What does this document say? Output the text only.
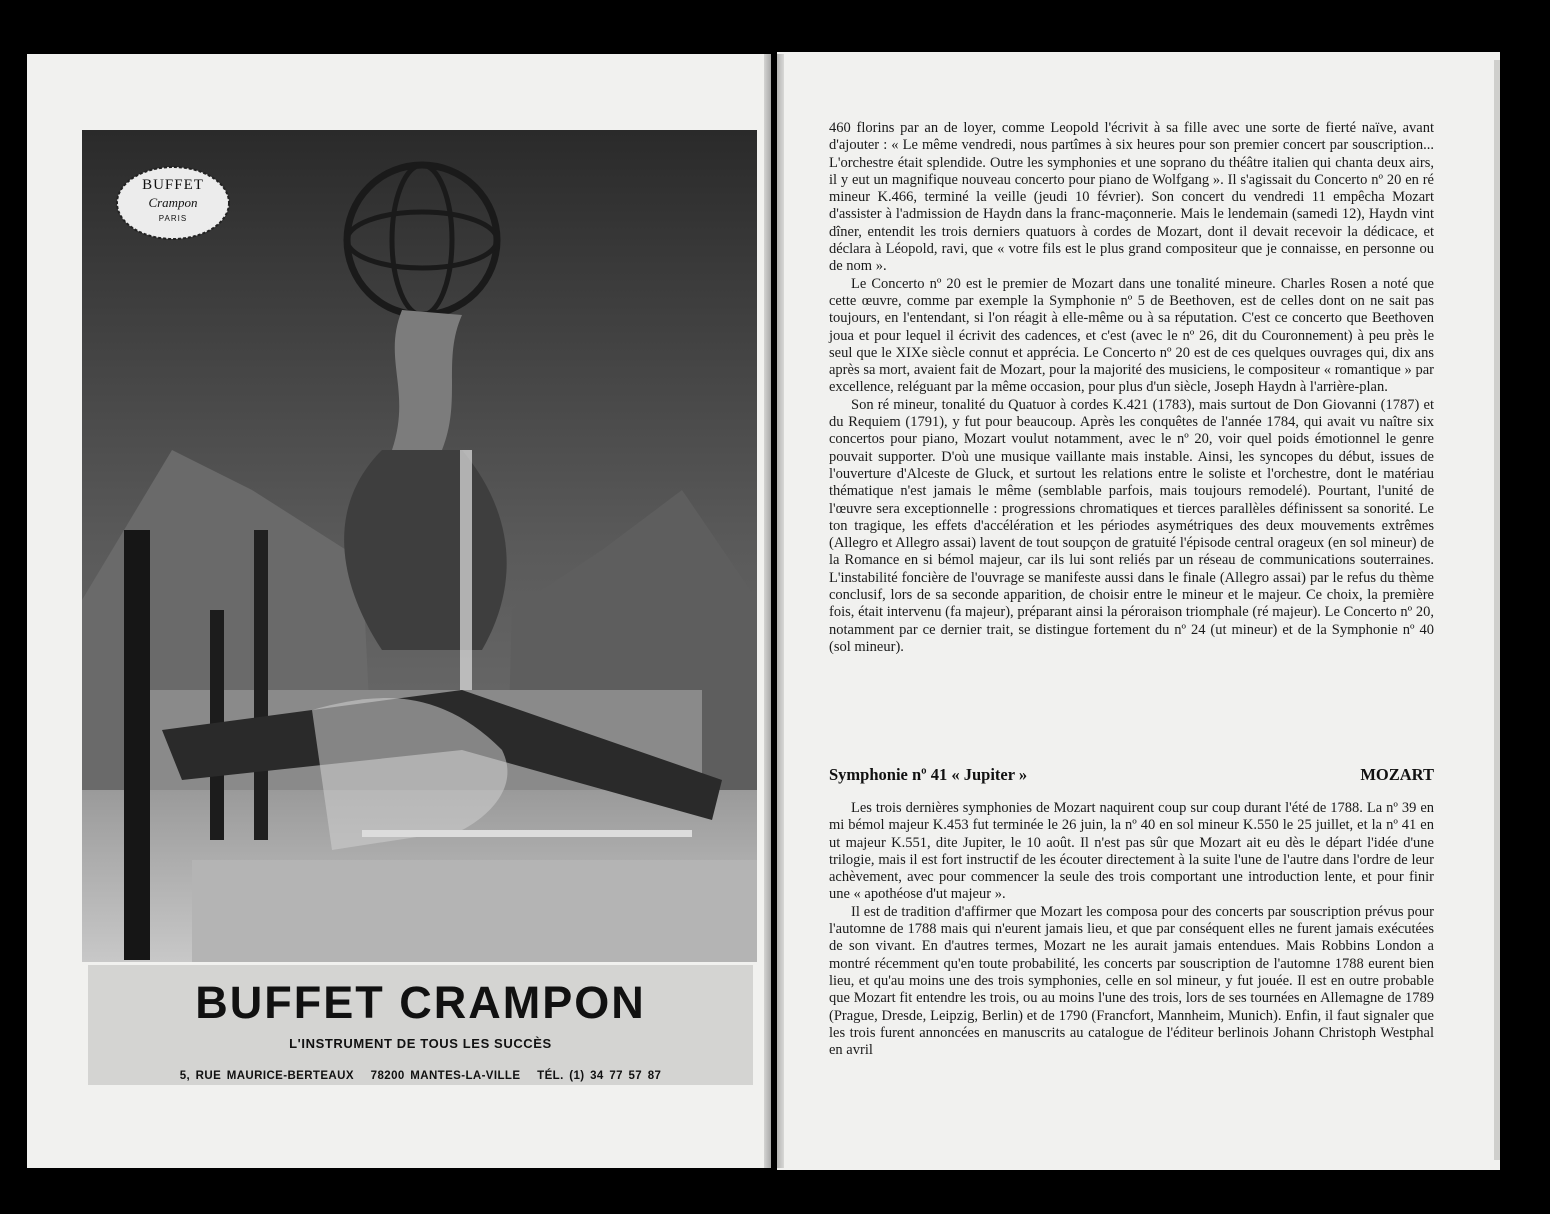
BUFFET
Crampon
PARIS
BUFFET CRAMPON
L'INSTRUMENT DE TOUS LES SUCCÈS
5, RUE MAURICE-BERTEAUX   78200 MANTES-LA-VILLE   TÉL. (1) 34 77 57 87

460 florins par an de loyer, comme Leopold l'écrivit à sa fille avec une sorte de fierté naïve, avant d'ajouter : « Le même vendredi, nous partîmes à six heures pour son premier concert par souscription... L'orchestre était splendide. Outre les symphonies et une soprano du théâtre italien qui chanta deux airs, il y eut un magnifique nouveau concerto pour piano de Wolfgang ». Il s'agissait du Concerto nº 20 en ré mineur K.466, terminé la veille (jeudi 10 février). Son concert du vendredi 11 empêcha Mozart d'assister à l'admission de Haydn dans la franc-maçonnerie. Mais le lendemain (samedi 12), Haydn vint dîner, entendit les trois derniers quatuors à cordes de Mozart, dont il devait recevoir la dédicace, et déclara à Léopold, ravi, que « votre fils est le plus grand compositeur que je connaisse, en personne ou de nom ».

Le Concerto nº 20 est le premier de Mozart dans une tonalité mineure. Charles Rosen a noté que cette œuvre, comme par exemple la Symphonie nº 5 de Beethoven, est de celles dont on ne sait pas toujours, en l'entendant, si l'on réagit à elle-même ou à sa réputation. C'est ce concerto que Beethoven joua et pour lequel il écrivit des cadences, et c'est (avec le nº 26, dit du Couronnement) à peu près le seul que le XIXe siècle connut et apprécia. Le Concerto nº 20 est de ces quelques ouvrages qui, dix ans après sa mort, avaient fait de Mozart, pour la majorité des musiciens, le compositeur « romantique » par excellence, reléguant par la même occasion, pour plus d'un siècle, Joseph Haydn à l'arrière-plan.

Son ré mineur, tonalité du Quatuor à cordes K.421 (1783), mais surtout de Don Giovanni (1787) et du Requiem (1791), y fut pour beaucoup. Après les conquêtes de l'année 1784, qui avait vu naître six concertos pour piano, Mozart voulut notamment, avec le nº 20, voir quel poids émotionnel le genre pouvait supporter. D'où une musique vaillante mais instable. Ainsi, les syncopes du début, issues de l'ouverture d'Alceste de Gluck, et surtout les relations entre le soliste et l'orchestre, dont le matériau thématique n'est jamais le même (semblable parfois, mais toujours remodelé). Pourtant, l'unité de l'œuvre sera exceptionnelle : progressions chromatiques et tierces parallèles définissent sa sonorité. Le ton tragique, les effets d'accélération et les périodes asymétriques des deux mouvements extrêmes (Allegro et Allegro assai) lavent de tout soupçon de gratuité l'épisode central orageux (en sol mineur) de la Romance en si bémol majeur, car ils lui sont reliés par un réseau de communications souterraines. L'instabilité foncière de l'ouvrage se manifeste aussi dans le finale (Allegro assai) par le refus du thème conclusif, lors de sa seconde apparition, de choisir entre le mineur et le majeur. Ce choix, la première fois, était intervenu (fa majeur), préparant ainsi la péroraison triomphale (ré majeur). Le Concerto nº 20, notamment par ce dernier trait, se distingue fortement du nº 24 (ut mineur) et de la Symphonie nº 40 (sol mineur).

Symphonie nº 41 « Jupiter »	MOZART

Les trois dernières symphonies de Mozart naquirent coup sur coup durant l'été de 1788. La nº 39 en mi bémol majeur K.453 fut terminée le 26 juin, la nº 40 en sol mineur K.550 le 25 juillet, et la nº 41 en ut majeur K.551, dite Jupiter, le 10 août. Il n'est pas sûr que Mozart ait eu dès le départ l'idée d'une trilogie, mais il est fort instructif de les écouter directement à la suite l'une de l'autre dans l'ordre de leur achèvement, avec pour commencer la seule des trois comportant une introduction lente, et pour finir une « apothéose d'ut majeur ».

Il est de tradition d'affirmer que Mozart les composa pour des concerts par souscription prévus pour l'automne de 1788 mais qui n'eurent jamais lieu, et que par conséquent elles ne furent jamais exécutées de son vivant. En d'autres termes, Mozart ne les aurait jamais entendues. Mais Robbins London a montré récemment qu'en toute probabilité, les concerts par souscription de l'automne 1788 eurent bien lieu, et qu'au moins une des trois symphonies, celle en sol mineur, y fut jouée. Il est en outre probable que Mozart fit entendre les trois, ou au moins l'une des trois, lors de ses tournées en Allemagne de 1789 (Prague, Dresde, Leipzig, Berlin) et de 1790 (Francfort, Mannheim, Munich). Enfin, il faut signaler que les trois furent annoncées en manuscrits au catalogue de l'éditeur berlinois Johann Christoph Westphal en avril
